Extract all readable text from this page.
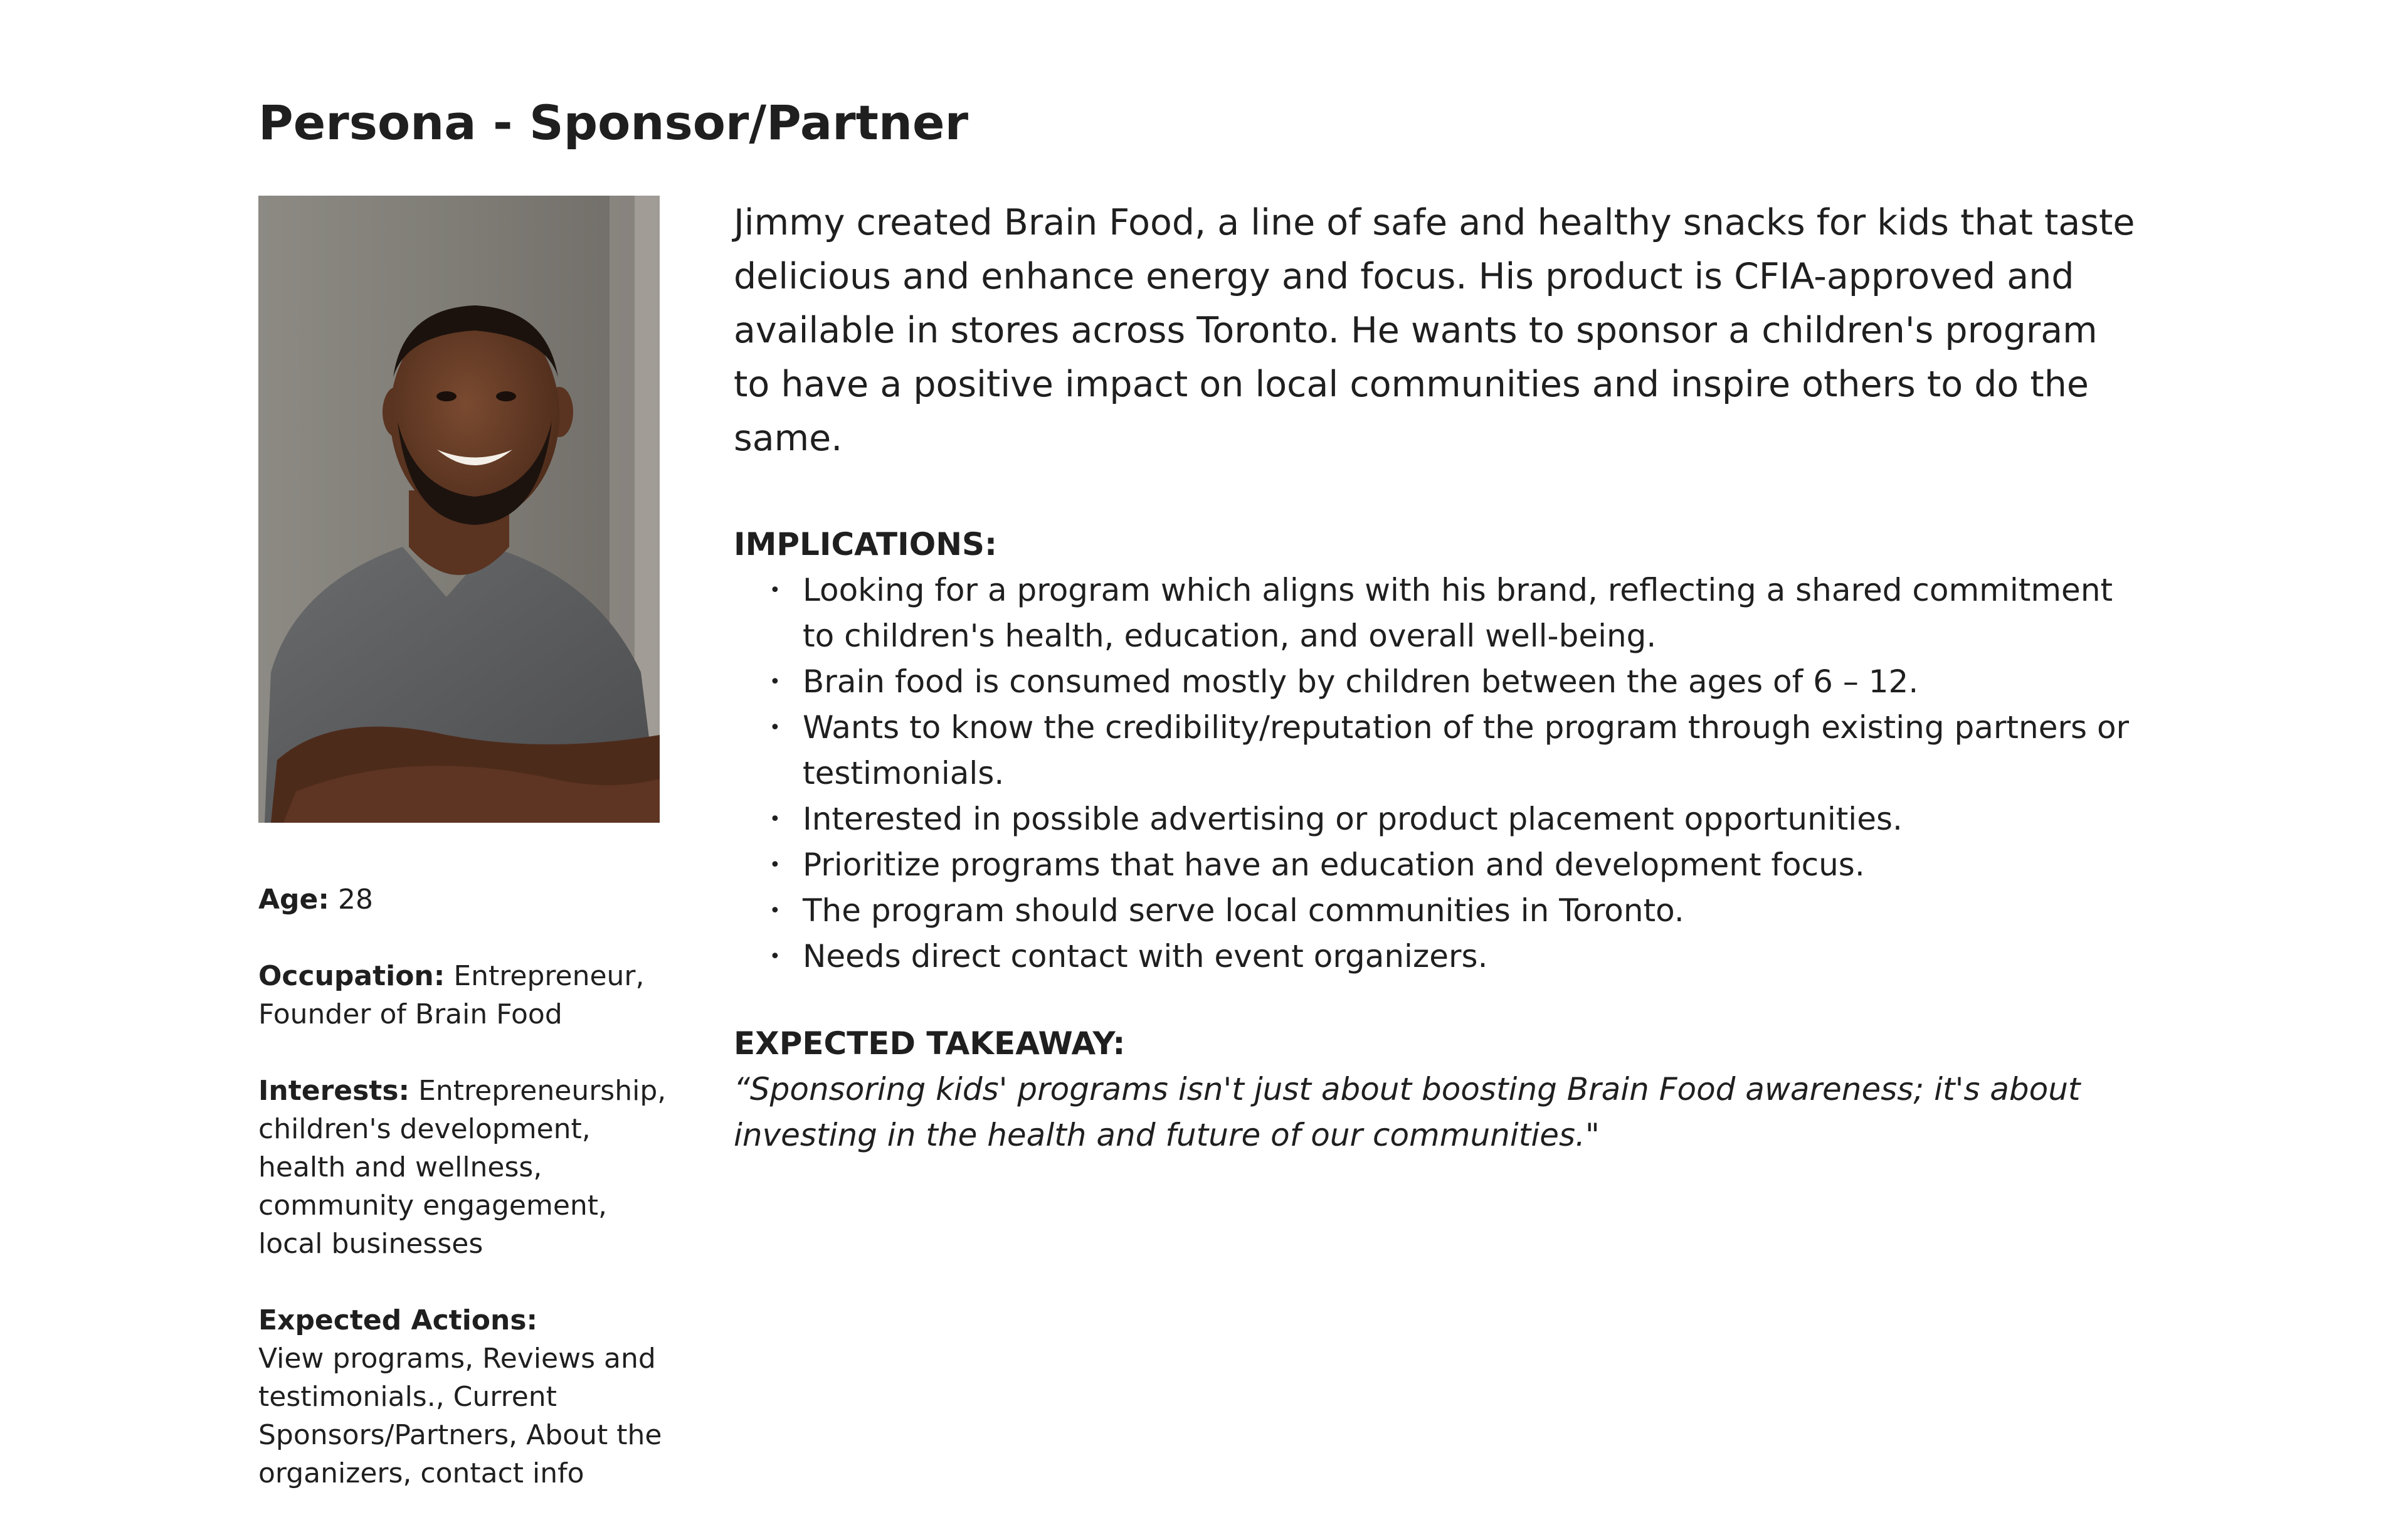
Persona - Sponsor/Partner

Age: 28

Occupation: Entrepreneur, Founder of Brain Food

Interests: Entrepreneurship, children's development, health and wellness, community engagement, local businesses

Expected Actions:
View programs, Reviews and testimonials., Current Sponsors/Partners, About the organizers, contact info

Jimmy created Brain Food, a line of safe and healthy snacks for kids that taste delicious and enhance energy and focus. His product is CFIA-approved and available in stores across Toronto. He wants to sponsor a children's program to have a positive impact on local communities and inspire others to do the same.

IMPLICATIONS:
• Looking for a program which aligns with his brand, reflecting a shared commitment to children's health, education, and overall well-being.
• Brain food is consumed mostly by children between the ages of 6 – 12.
• Wants to know the credibility/reputation of the program through existing partners or testimonials.
• Interested in possible advertising or product placement opportunities.
• Prioritize programs that have an education and development focus.
• The program should serve local communities in Toronto.
• Needs direct contact with event organizers.
EXPECTED TAKEAWAY:

“Sponsoring kids' programs isn't just about boosting Brain Food awareness; it's about investing in the health and future of our communities."
